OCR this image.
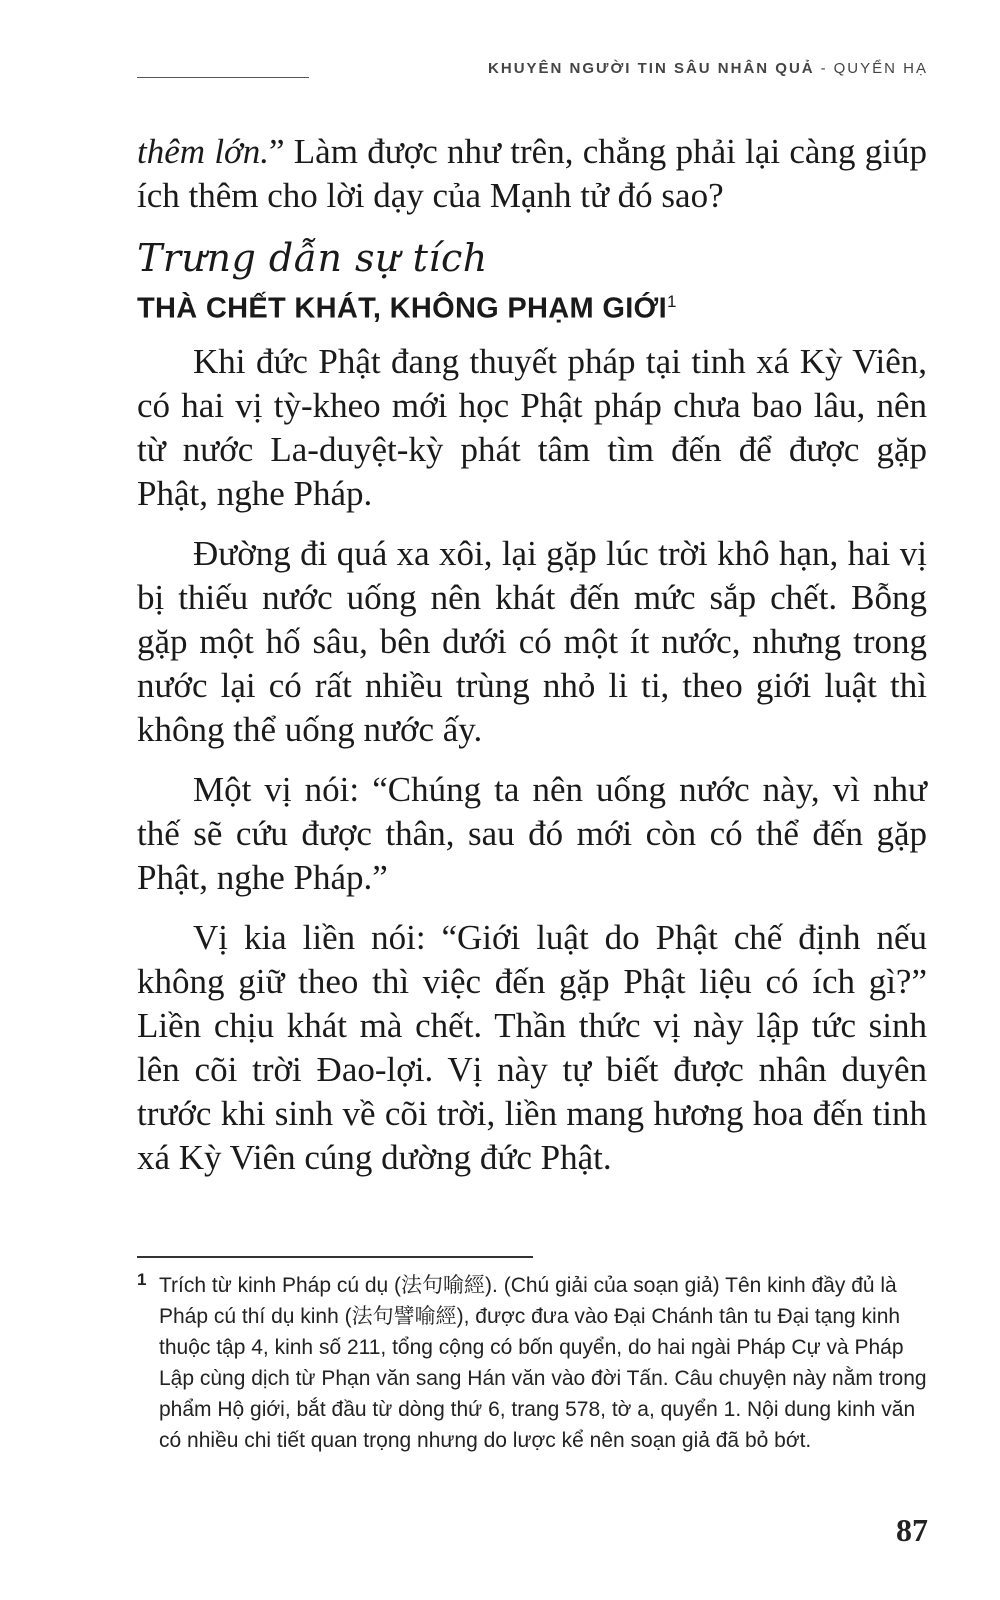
KHUYÊN NGƯỜI TIN SÂU NHÂN QUẢ - QUYỂN HẠ

thêm lớn.” Làm được như trên, chẳng phải lại càng giúp ích thêm cho lời dạy của Mạnh tử đó sao?

Trưng dẫn sự tích
THÀ CHẾT KHÁT, KHÔNG PHẠM GIỚI$^1$

Khi đức Phật đang thuyết pháp tại tinh xá Kỳ Viên, có hai vị tỳ-kheo mới học Phật pháp chưa bao lâu, nên từ nước La-duyệt-kỳ phát tâm tìm đến để được gặp Phật, nghe Pháp.

Đường đi quá xa xôi, lại gặp lúc trời khô hạn, hai vị bị thiếu nước uống nên khát đến mức sắp chết. Bỗng gặp một hố sâu, bên dưới có một ít nước, nhưng trong nước lại có rất nhiều trùng nhỏ li ti, theo giới luật thì không thể uống nước ấy.

Một vị nói: “Chúng ta nên uống nước này, vì như thế sẽ cứu được thân, sau đó mới còn có thể đến gặp Phật, nghe Pháp.”

Vị kia liền nói: “Giới luật do Phật chế định nếu không giữ theo thì việc đến gặp Phật liệu có ích gì?” Liền chịu khát mà chết. Thần thức vị này lập tức sinh lên cõi trời Đao-lợi. Vị này tự biết được nhân duyên trước khi sinh về cõi trời, liền mang hương hoa đến tinh xá Kỳ Viên cúng dường đức Phật.

1 Trích từ kinh Pháp cú dụ (法句喻經). (Chú giải của soạn giả) Tên kinh đầy đủ là Pháp cú thí dụ kinh (法句譬喻經), được đưa vào Đại Chánh tân tu Đại tạng kinh thuộc tập 4, kinh số 211, tổng cộng có bốn quyển, do hai ngài Pháp Cự và Pháp Lập cùng dịch từ Phạn văn sang Hán văn vào đời Tấn. Câu chuyện này nằm trong phẩm Hộ giới, bắt đầu từ dòng thứ 6, trang 578, tờ a, quyển 1. Nội dung kinh văn có nhiều chi tiết quan trọng nhưng do lược kể nên soạn giả đã bỏ bớt.
87
